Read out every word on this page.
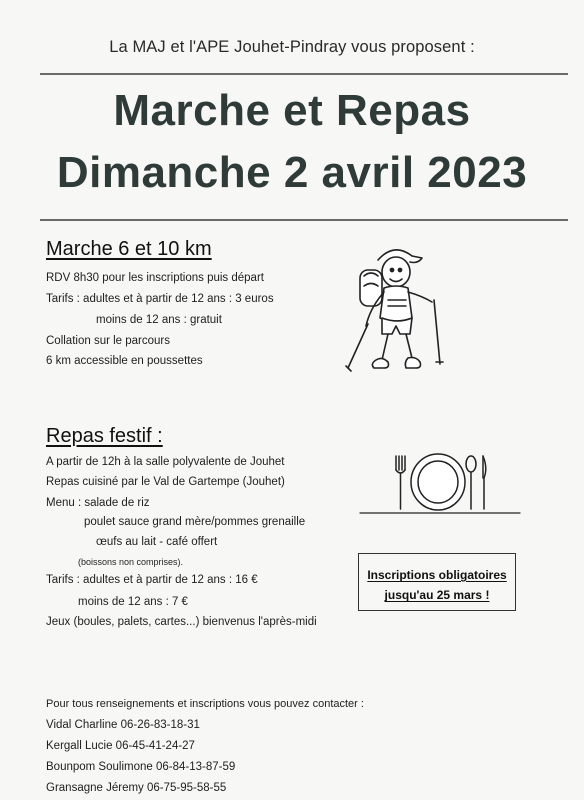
La MAJ et l'APE Jouhet-Pindray vous proposent :
Marche et Repas
Dimanche 2 avril 2023
Marche 6 et 10 km
RDV 8h30 pour les inscriptions puis départ
Tarifs : adultes et à partir de 12 ans : 3 euros
moins de 12 ans : gratuit
Collation sur le parcours
6 km accessible en poussettes
Repas festif :
A partir de 12h à la salle polyvalente de Jouhet
Repas cuisiné par le Val de Gartempe (Jouhet)
Menu : salade de riz
poulet sauce grand mère/pommes grenaille
œufs au lait - café offert
(boissons non comprises).
Tarifs : adultes et à partir de 12 ans : 16 €
moins de 12 ans : 7 €
Jeux (boules, palets, cartes...) bienvenus l'après-midi
Inscriptions obligatoires
jusqu'au 25 mars !
Pour tous renseignements et inscriptions vous pouvez contacter :
Vidal Charline 06-26-83-18-31
Kergall Lucie 06-45-41-24-27
Bounpom Soulimone 06-84-13-87-59
Gransagne Jéremy 06-75-95-58-55
